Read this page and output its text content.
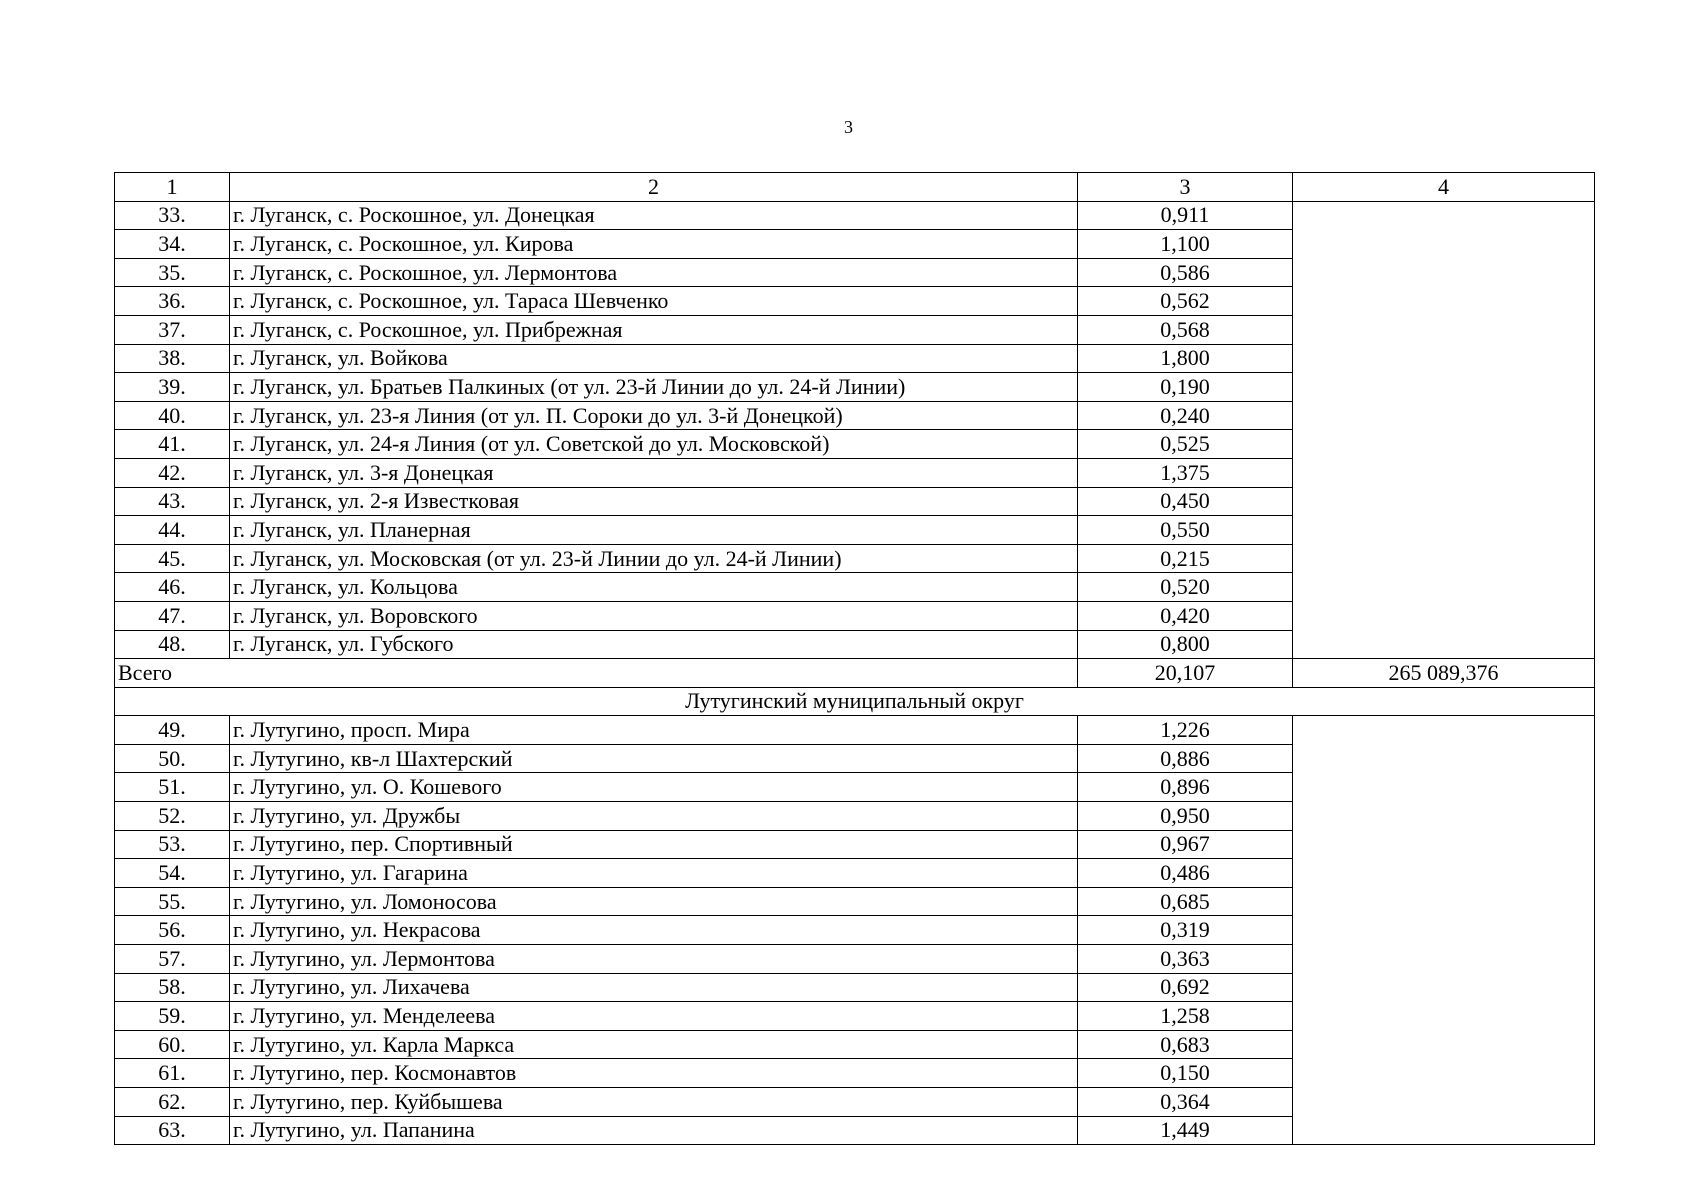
3
1	2	3	4
33.	г. Луганск, с. Роскошное, ул. Донецкая	0,911	
34.	г. Луганск, с. Роскошное, ул. Кирова	1,100	
35.	г. Луганск, с. Роскошное, ул. Лермонтова	0,586	
36.	г. Луганск, с. Роскошное, ул. Тараса Шевченко	0,562	
37.	г. Луганск, с. Роскошное, ул. Прибрежная	0,568	
38.	г. Луганск, ул. Войкова	1,800	
39.	г. Луганск, ул. Братьев Палкиных (от ул. 23-й Линии до ул. 24-й Линии)	0,190	
40.	г. Луганск, ул. 23-я Линия (от ул. П. Сороки до ул. 3-й Донецкой)	0,240	
41.	г. Луганск, ул. 24-я Линия (от ул. Советской до ул. Московской)	0,525	
42.	г. Луганск, ул. 3-я Донецкая	1,375	
43.	г. Луганск, ул. 2-я Известковая	0,450	
44.	г. Луганск, ул. Планерная	0,550	
45.	г. Луганск, ул. Московская (от ул. 23-й Линии до ул. 24-й Линии)	0,215	
46.	г. Луганск, ул. Кольцова	0,520	
47.	г. Луганск, ул. Воровского	0,420	
48.	г. Луганск, ул. Губского	0,800	
Всего		20,107	265 089,376
Лутугинский муниципальный округ			
49.	г. Лутугино, просп. Мира	1,226	
50.	г. Лутугино, кв-л Шахтерский	0,886	
51.	г. Лутугино, ул. О. Кошевого	0,896	
52.	г. Лутугино, ул. Дружбы	0,950	
53.	г. Лутугино, пер. Спортивный	0,967	
54.	г. Лутугино, ул. Гагарина	0,486	
55.	г. Лутугино, ул. Ломоносова	0,685	
56.	г. Лутугино, ул. Некрасова	0,319	
57.	г. Лутугино, ул. Лермонтова	0,363	
58.	г. Лутугино, ул. Лихачева	0,692	
59.	г. Лутугино, ул. Менделеева	1,258	
60.	г. Лутугино, ул. Карла Маркса	0,683	
61.	г. Лутугино, пер. Космонавтов	0,150	
62.	г. Лутугино, пер. Куйбышева	0,364	
63.	г. Лутугино, ул. Папанина	1,449	
